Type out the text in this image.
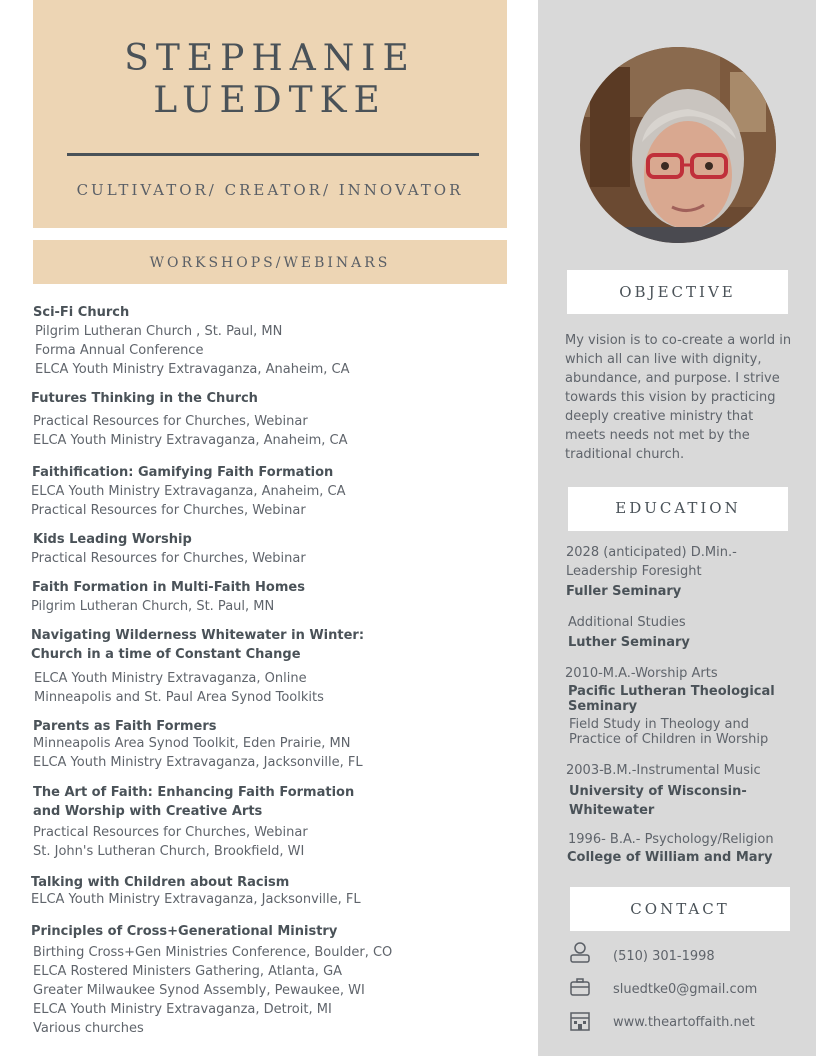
STEPHANIE
LUEDTKE
CULTIVATOR/ CREATOR/ INNOVATOR
WORKSHOPS/WEBINARS
Sci-Fi Church
Pilgrim Lutheran Church , St. Paul, MN
Forma Annual Conference
ELCA Youth Ministry Extravaganza, Anaheim, CA
Futures Thinking in the Church
Practical Resources for Churches, Webinar
ELCA Youth Ministry Extravaganza, Anaheim, CA
Faithification: Gamifying Faith Formation
ELCA Youth Ministry Extravaganza, Anaheim, CA
Practical Resources for Churches, Webinar
Kids Leading Worship
Practical Resources for Churches, Webinar
Faith Formation in Multi-Faith Homes
Pilgrim Lutheran Church, St. Paul, MN
Navigating Wilderness Whitewater in Winter: Church in a time of Constant Change
ELCA Youth Ministry Extravaganza, Online
Minneapolis and St. Paul Area Synod Toolkits
Parents as Faith Formers
Minneapolis Area Synod Toolkit, Eden Prairie, MN
ELCA Youth Ministry Extravaganza, Jacksonville, FL
The Art of Faith: Enhancing Faith Formation and Worship with Creative Arts
Practical Resources for Churches, Webinar
St. John's Lutheran Church, Brookfield, WI
Talking with Children about Racism
ELCA Youth Ministry Extravaganza, Jacksonville, FL
Principles of Cross+Generational Ministry
Birthing Cross+Gen Ministries Conference, Boulder, CO
ELCA Rostered Ministers Gathering, Atlanta, GA
Greater Milwaukee Synod Assembly, Pewaukee, WI
ELCA Youth Ministry Extravaganza, Detroit, MI
Various churches
OBJECTIVE
My vision is to co-create a world in which all can live with dignity, abundance, and purpose. I strive towards this vision by practicing deeply creative ministry that meets needs not met by the traditional church.
EDUCATION
2028 (anticipated) D.Min.-
Leadership Foresight
Fuller Seminary
Additional Studies
Luther Seminary
2010-M.A.-Worship Arts
Pacific Lutheran Theological Seminary
Field Study in Theology and Practice of Children in Worship
2003-B.M.-Instrumental Music
University of Wisconsin-Whitewater
1996- B.A.- Psychology/Religion
College of William and Mary
CONTACT
(510) 301-1998
sluedtke0@gmail.com
www.theartoffaith.net
